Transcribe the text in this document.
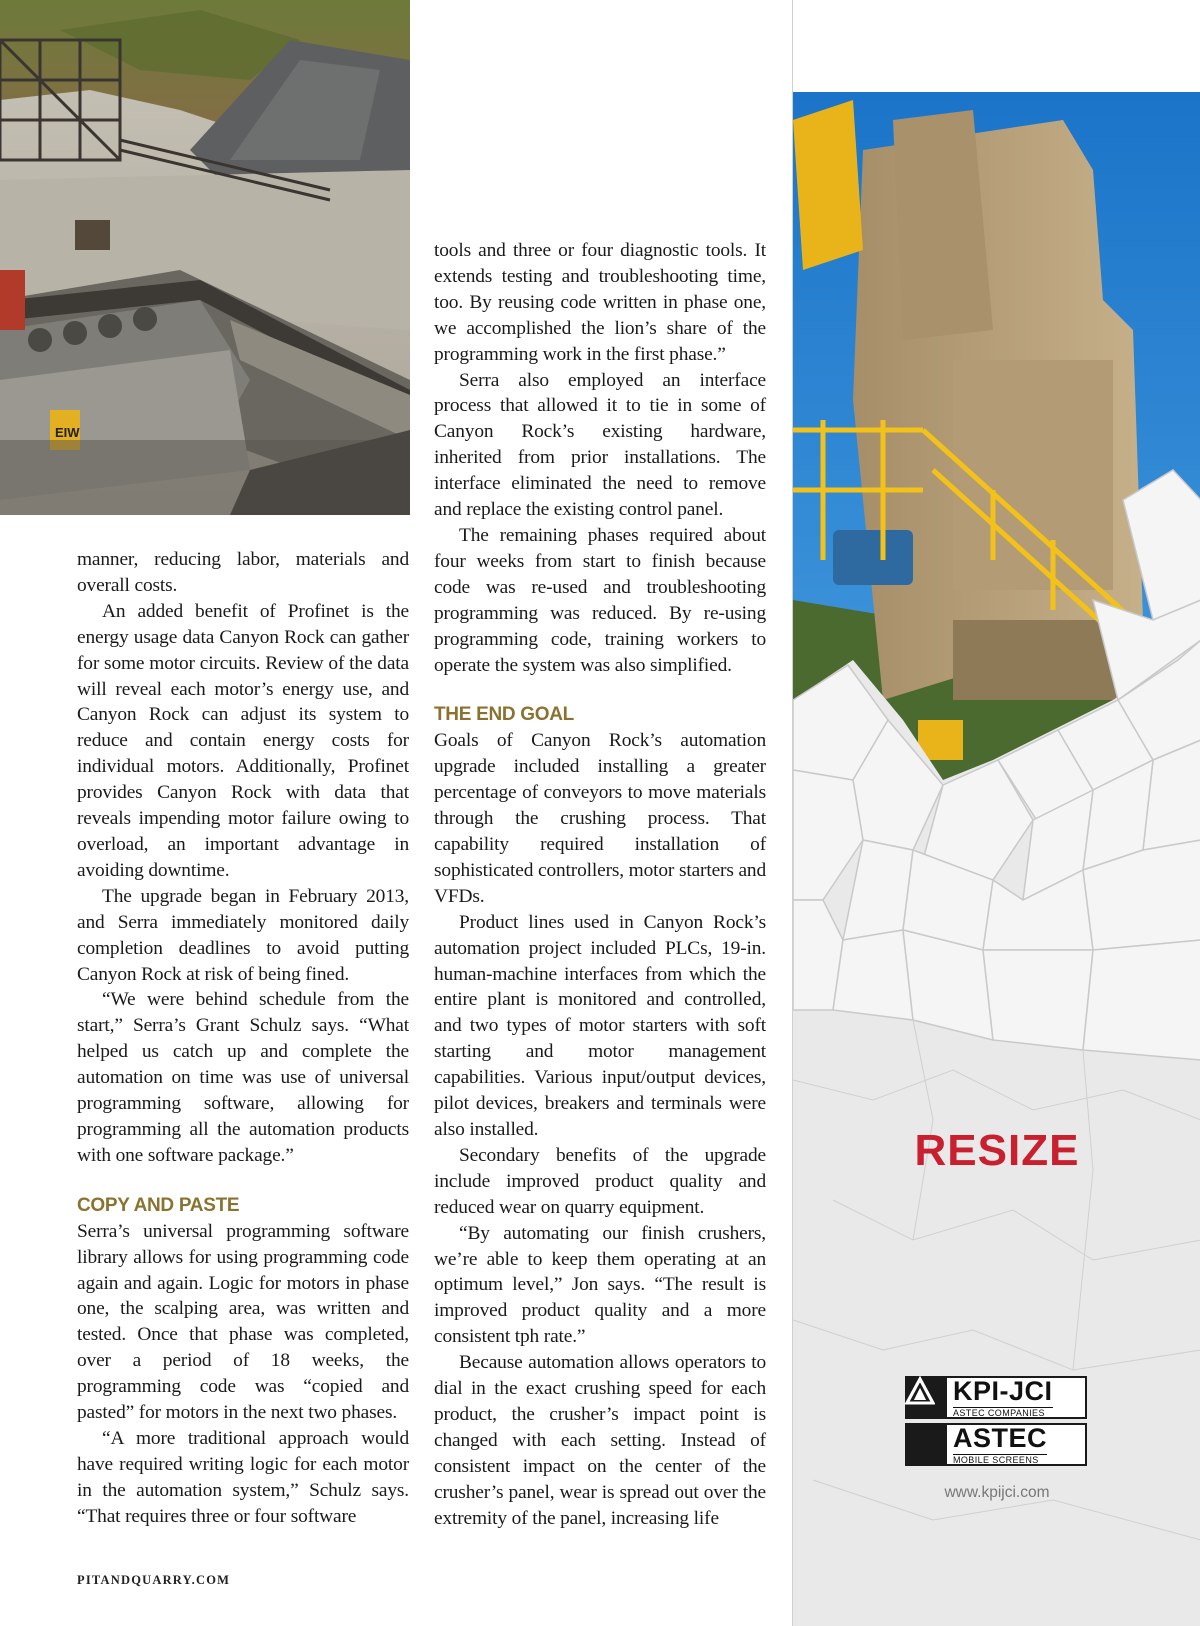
EIW

manner, reducing labor, materials and overall costs.

An added benefit of Profinet is the energy usage data Canyon Rock can gather for some motor circuits. Review of the data will reveal each motor’s energy use, and Canyon Rock can adjust its system to reduce and contain energy costs for individual motors. Additionally, Profinet provides Canyon Rock with data that reveals impending motor failure owing to overload, an important advantage in avoiding downtime.

The upgrade began in February 2013, and Serra immediately monitored daily completion deadlines to avoid putting Canyon Rock at risk of being fined.

“We were behind schedule from the start,” Serra’s Grant Schulz says. “What helped us catch up and complete the automation on time was use of universal programming software, allowing for programming all the automation products with one software package.”

COPY AND PASTE

Serra’s universal programming software library allows for using programming code again and again. Logic for motors in phase one, the scalping area, was written and tested. Once that phase was completed, over a period of 18 weeks, the programming code was “copied and pasted” for motors in the next two phases.

“A more traditional approach would have required writing logic for each motor in the automation system,” Schulz says. “That requires three or four software

tools and three or four diagnostic tools. It extends testing and troubleshooting time, too. By reusing code written in phase one, we accomplished the lion’s share of the programming work in the first phase.”

Serra also employed an interface process that allowed it to tie in some of Canyon Rock’s existing hardware, inherited from prior installations. The interface eliminated the need to remove and replace the existing control panel.

The remaining phases required about four weeks from start to finish because code was re-used and troubleshooting programming was reduced. By re-using programming code, training workers to operate the system was also simplified.

THE END GOAL

Goals of Canyon Rock’s automation upgrade included installing a greater percentage of conveyors to move materials through the crushing process. That capability required installation of sophisticated controllers, motor starters and VFDs.

Product lines used in Canyon Rock’s automation project included PLCs, 19-in. human-machine interfaces from which the entire plant is monitored and controlled, and two types of motor starters with soft starting and motor management capabilities. Various input/output devices, pilot devices, breakers and terminals were also installed.

Secondary benefits of the upgrade include improved product quality and reduced wear on quarry equipment.

“By automating our finish crushers, we’re able to keep them operating at an optimum level,” Jon says. “The result is improved product quality and a more consistent tph rate.”

Because automation allows operators to dial in the exact crushing speed for each product, the crusher’s impact point is changed with each setting. Instead of consistent impact on the center of the crusher’s panel, wear is spread out over the extremity of the panel, increasing life

PITANDQUARRY.COM
RESIZE
KPI-JCI
ASTEC COMPANIES
ASTEC
MOBILE SCREENS
www.kpijci.com
